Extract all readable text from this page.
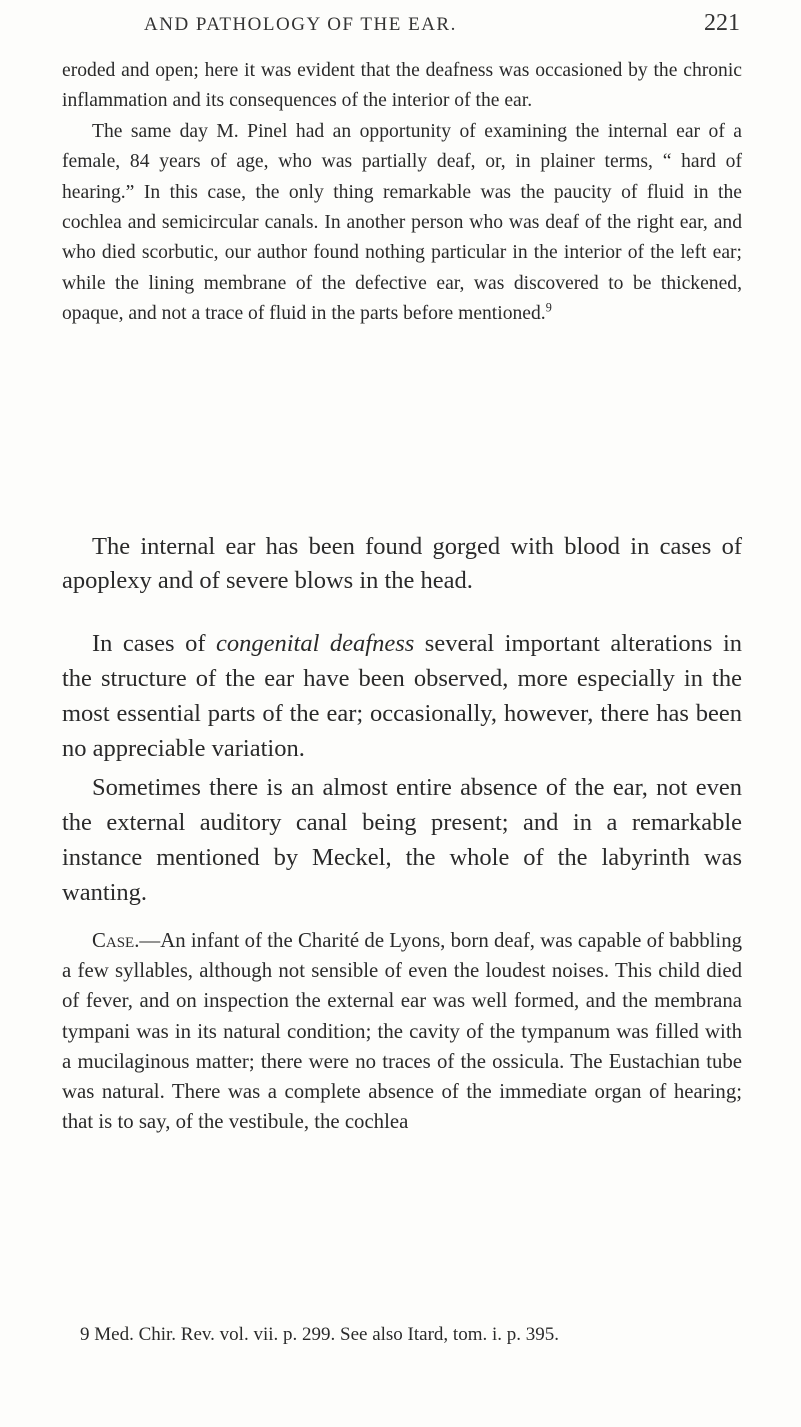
AND PATHOLOGY OF THE EAR.	221

eroded and open; here it was evident that the deafness was occasioned by the chronic inflammation and its consequences of the interior of the ear.

The same day M. Pinel had an opportunity of examining the internal ear of a female, 84 years of age, who was partially deaf, or, in plainer terms, “ hard of hearing.” In this case, the only thing remarkable was the paucity of fluid in the cochlea and semicircular canals. In another person who was deaf of the right ear, and who died scorbutic, our author found nothing particular in the interior of the left ear; while the lining membrane of the defective ear, was discovered to be thickened, opaque, and not a trace of fluid in the parts before mentioned.$^9$

The internal ear has been found gorged with blood in cases of apoplexy and of severe blows in the head.

In cases of congenital deafness several important alterations in the structure of the ear have been observed, more especially in the most essential parts of the ear; occasionally, however, there has been no appreciable variation.

Sometimes there is an almost entire absence of the ear, not even the external auditory canal being present; and in a remarkable instance mentioned by Meckel, the whole of the labyrinth was wanting.

Case.—An infant of the Charité de Lyons, born deaf, was capable of babbling a few syllables, although not sensible of even the loudest noises. This child died of fever, and on inspection the external ear was well formed, and the membrana tympani was in its natural condition; the cavity of the tympanum was filled with a mucilaginous matter; there were no traces of the ossicula. The Eustachian tube was natural. There was a complete absence of the immediate organ of hearing; that is to say, of the vestibule, the cochlea

9 Med. Chir. Rev. vol. vii. p. 299. See also Itard, tom. i. p. 395.
